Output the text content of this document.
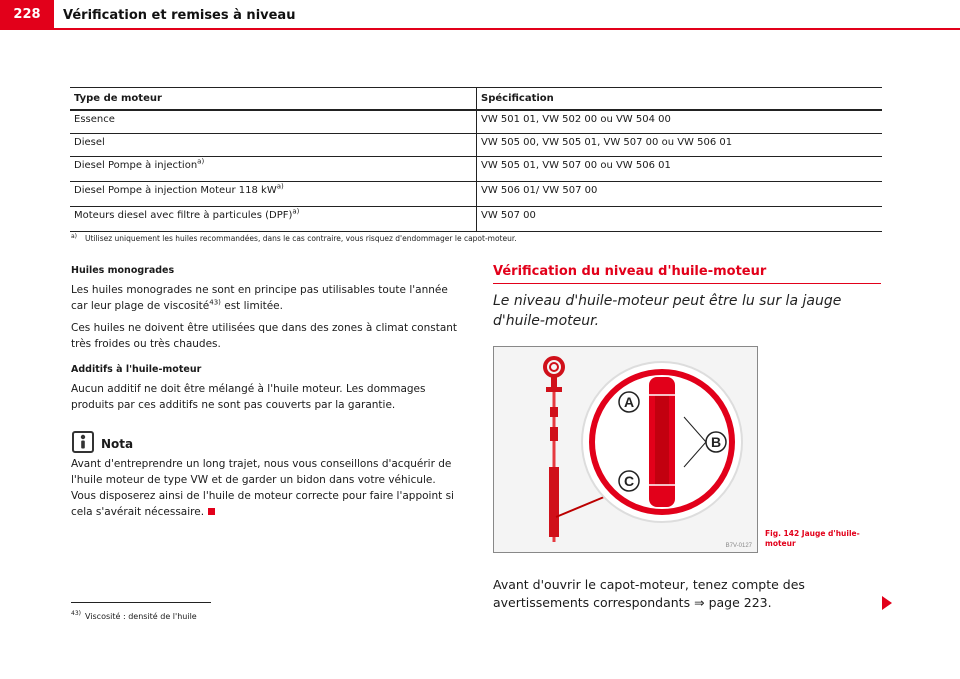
228	Vérification et remises à niveau
Type de moteur	Spécification
Essence	VW 501 01, VW 502 00 ou VW 504 00
Diesel	VW 505 00, VW 505 01, VW 507 00 ou VW 506 01
Diesel Pompe à injection$^{a)}$	VW 505 01, VW 507 00 ou VW 506 01
Diesel Pompe à injection Moteur 118 $kW^{a)}$	VW 506 01/ VW 507 00
Moteurs diesel avec filtre à particules (DPF)$^{a)}$	VW 507 00
$^{a)}$ Utilisez uniquement les huiles recommandées, dans le cas contraire, vous risquez d'endommager le capot-moteur.
Huiles monogrades
Les huiles monogrades ne sont en principe pas utilisables toute l'année car leur plage de viscosité$^{43)}$ est limitée.
Ces huiles ne doivent être utilisées que dans des zones à climat constant très froides ou très chaudes.
Additifs à l'huile-moteur
Aucun additif ne doit être mélangé à l'huile moteur. Les dommages produits par ces additifs ne sont pas couverts par la garantie.
Nota
Avant d'entreprendre un long trajet, nous vous conseillons d'acquérir de l'huile moteur de type VW et de garder un bidon dans votre véhicule. Vous disposerez ainsi de l'huile de moteur correcte pour faire l'appoint si cela s'avérait nécessaire.
$^{43)}$ Viscosité : densité de l'huile
Vérification du niveau d'huile-moteur
Le niveau d'huile-moteur peut être lu sur la jauge d'huile-moteur.
A
B
C
B7V-0127
Fig. 142 Jauge d'huile-moteur
Avant d'ouvrir le capot-moteur, tenez compte des avertissements correspondants ⇒ page 223.
